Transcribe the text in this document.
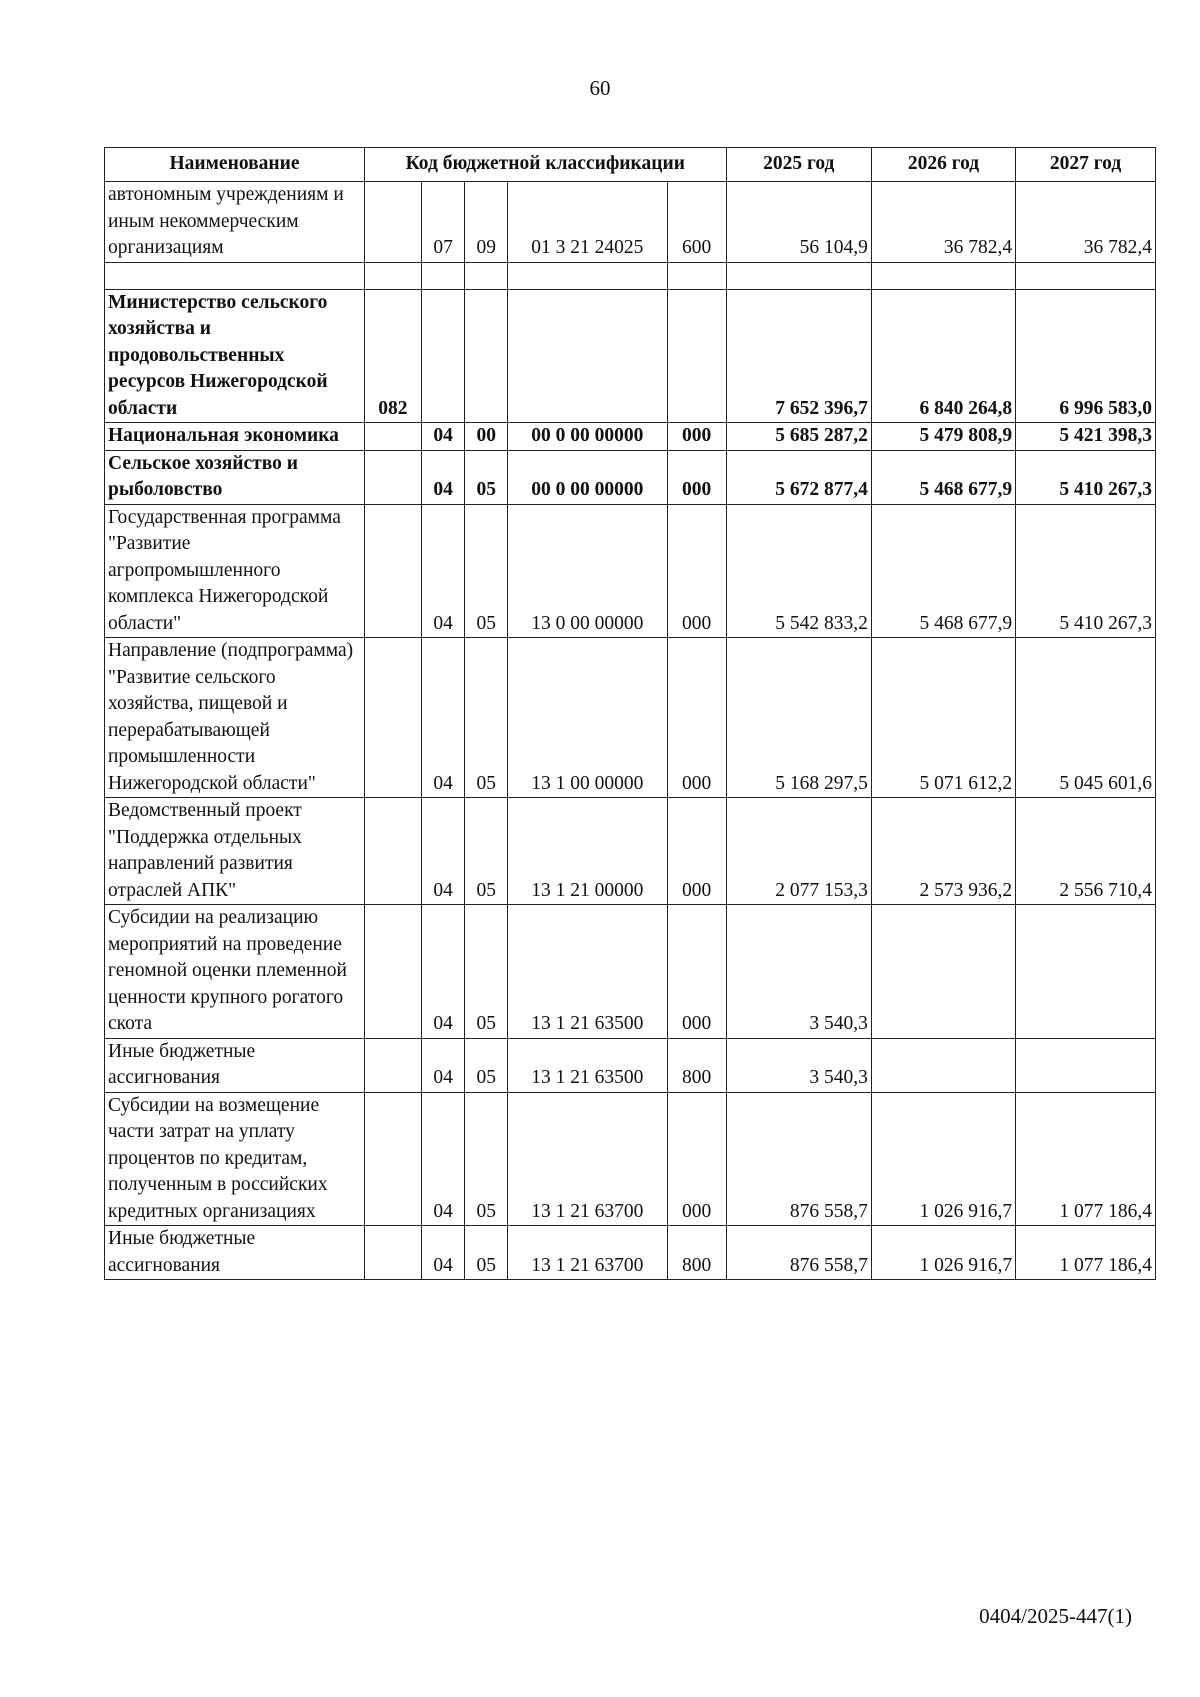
60
Наименование	Код бюджетной классификации					2025 год	2026 год	2027 год
автономным учреждениям и иным некоммерческим организациям		07	09	01 3 21 24025	600	56 104,9	36 782,4	36 782,4

Министерство сельского хозяйства и продовольственных ресурсов Нижегородской области	082					7 652 396,7	6 840 264,8	6 996 583,0
Национальная экономика		04	00	00 0 00 00000	000	5 685 287,2	5 479 808,9	5 421 398,3
Сельское хозяйство и рыболовство		04	05	00 0 00 00000	000	5 672 877,4	5 468 677,9	5 410 267,3
Государственная программа "Развитие агропромышленного комплекса Нижегородской области"		04	05	13 0 00 00000	000	5 542 833,2	5 468 677,9	5 410 267,3
Направление (подпрограмма) "Развитие сельского хозяйства, пищевой и перерабатывающей промышленности Нижегородской области"		04	05	13 1 00 00000	000	5 168 297,5	5 071 612,2	5 045 601,6
Ведомственный проект "Поддержка отдельных направлений развития отраслей АПК"		04	05	13 1 21 00000	000	2 077 153,3	2 573 936,2	2 556 710,4
Субсидии на реализацию мероприятий на проведение геномной оценки племенной ценности крупного рогатого скота		04	05	13 1 21 63500	000	3 540,3		
Иные бюджетные ассигнования		04	05	13 1 21 63500	800	3 540,3		
Субсидии на возмещение части затрат на уплату процентов по кредитам, полученным в российских кредитных организациях		04	05	13 1 21 63700	000	876 558,7	1 026 916,7	1 077 186,4
Иные бюджетные ассигнования		04	05	13 1 21 63700	800	876 558,7	1 026 916,7	1 077 186,4
0404/2025-447(1)
